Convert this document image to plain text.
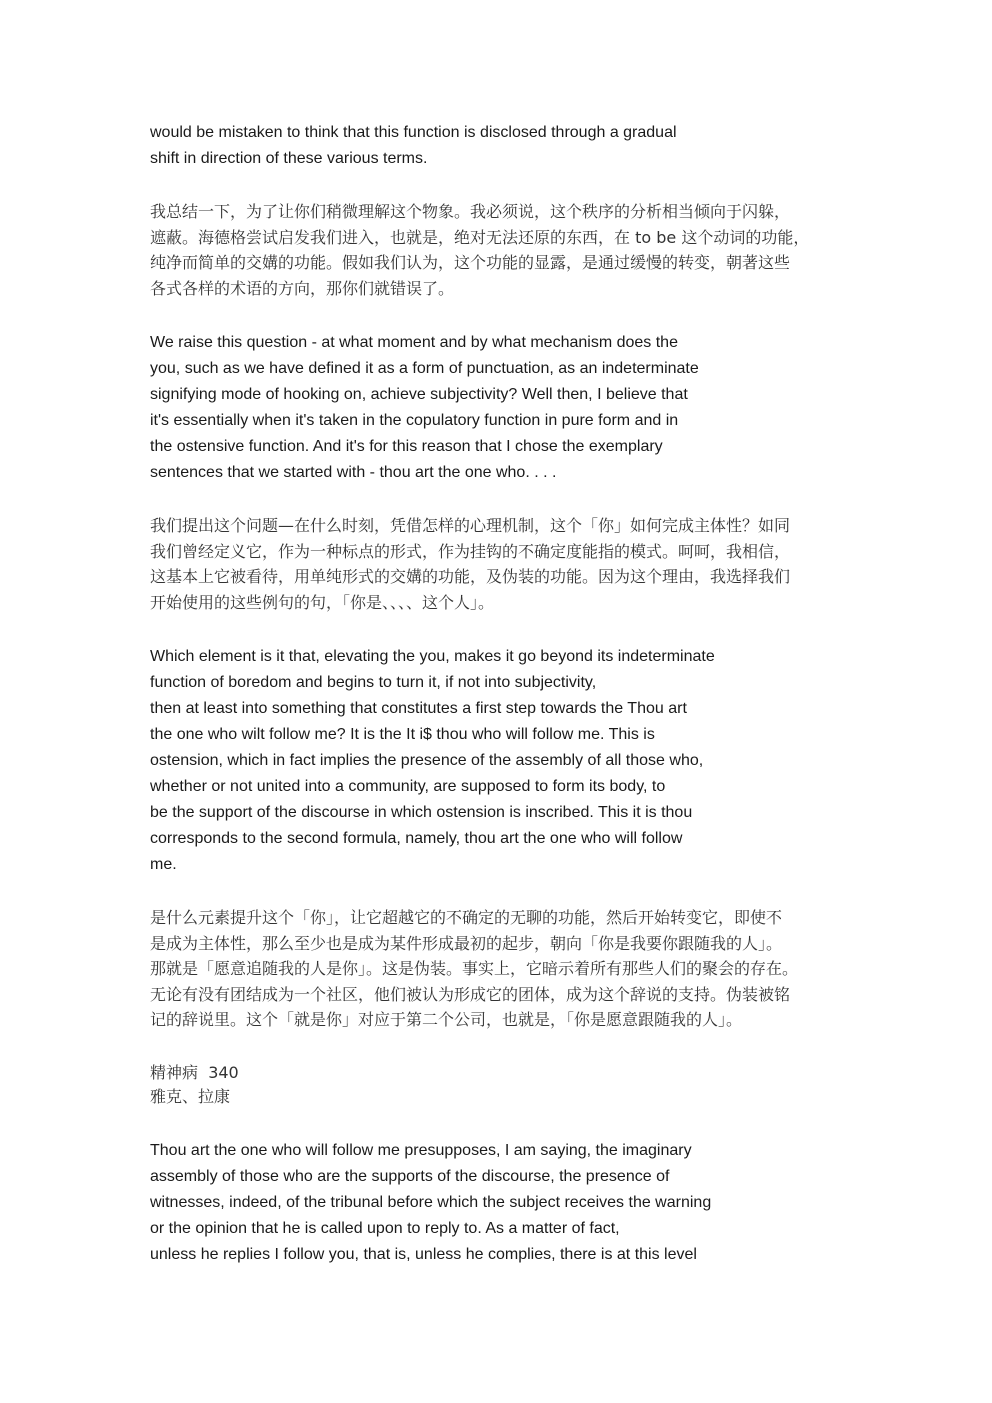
would be mistaken to think that this function is disclosed through a gradual
shift in direction of these various terms.
我总结一下，为了让你们稍微理解这个物象。我必须说，这个秩序的分析相当倾向于闪躲，
遮蔽。海德格尝试启发我们进入，也就是，绝对无法还原的东西，在 to be 这个动词的功能，
纯净而简单的交媾的功能。假如我们认为，这个功能的显露，是通过缓慢的转变，朝著这些
各式各样的术语的方向，那你们就错误了。
We raise this question - at what moment and by what mechanism does the
you, such as we have defined it as a form of punctuation, as an indeterminate
signifying mode of hooking on, achieve subjectivity? Well then, I believe that
it's essentially when it's taken in the copulatory function in pure form and in
the ostensive function. And it's for this reason that I chose the exemplary
sentences that we started with - thou art the one who. . . .
我们提出这个问题—在什么时刻，凭借怎样的心理机制，这个「你」如何完成主体性？如同
我们曾经定义它，作为一种标点的形式，作为挂钩的不确定度能指的模式。呵呵，我相信，
这基本上它被看待，用单纯形式的交媾的功能，及伪装的功能。因为这个理由，我选择我们
开始使用的这些例句的句，「你是、、、、这个人」。
Which element is it that, elevating the you, makes it go beyond its indeterminate
function of boredom and begins to turn it, if not into subjectivity,
then at least into something that constitutes a first step towards the Thou art
the one who wilt follow me? It is the It i$ thou who will follow me. This is
ostension, which in fact implies the presence of the assembly of all those who,
whether or not united into a community, are supposed to form its body, to
be the support of the discourse in which ostension is inscribed. This it is thou
corresponds to the second formula, namely, thou art the one who will follow
me.
是什么元素提升这个「你」，让它超越它的不确定的无聊的功能，然后开始转变它，即使不
是成为主体性，那么至少也是成为某件形成最初的起步，朝向「你是我要你跟随我的人」。
那就是「愿意追随我的人是你」。这是伪装。事实上，它暗示着所有那些人们的聚会的存在。
无论有没有团结成为一个社区，他们被认为形成它的团体，成为这个辞说的支持。伪装被铭
记的辞说里。这个「就是你」对应于第二个公司，也就是，「你是愿意跟随我的人」。
精神病 340
雅克、拉康
Thou art the one who will follow me presupposes, I am saying, the imaginary
assembly of those who are the supports of the discourse, the presence of
witnesses, indeed, of the tribunal before which the subject receives the warning
or the opinion that he is called upon to reply to. As a matter of fact,
unless he replies I follow you, that is, unless he complies, there is at this level
